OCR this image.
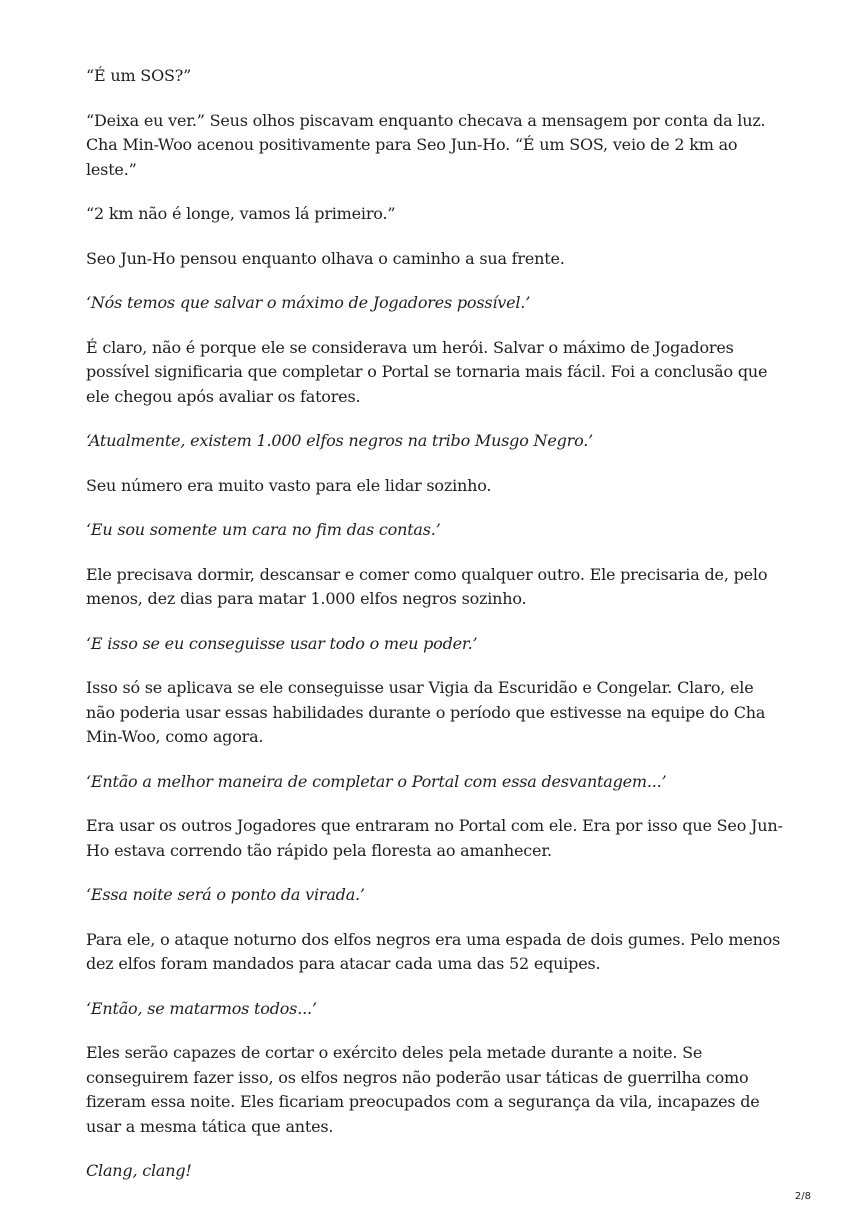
“É um SOS?”

“Deixa eu ver.” Seus olhos piscavam enquanto checava a mensagem por conta da luz. Cha Min-Woo acenou positivamente para Seo Jun-Ho. “É um SOS, veio de 2 km ao leste.”

“2 km não é longe, vamos lá primeiro.”

Seo Jun-Ho pensou enquanto olhava o caminho a sua frente.

‘Nós temos que salvar o máximo de Jogadores possível.’

É claro, não é porque ele se considerava um herói. Salvar o máximo de Jogadores possível significaria que completar o Portal se tornaria mais fácil. Foi a conclusão que ele chegou após avaliar os fatores.

‘Atualmente, existem 1.000 elfos negros na tribo Musgo Negro.’

Seu número era muito vasto para ele lidar sozinho.

‘Eu sou somente um cara no fim das contas.’

Ele precisava dormir, descansar e comer como qualquer outro. Ele precisaria de, pelo menos, dez dias para matar 1.000 elfos negros sozinho.

‘E isso se eu conseguisse usar todo o meu poder.’

Isso só se aplicava se ele conseguisse usar Vigia da Escuridão e Congelar. Claro, ele não poderia usar essas habilidades durante o período que estivesse na equipe do Cha Min-Woo, como agora.

‘Então a melhor maneira de completar o Portal com essa desvantagem...’

Era usar os outros Jogadores que entraram no Portal com ele. Era por isso que Seo Jun-Ho estava correndo tão rápido pela floresta ao amanhecer.

‘Essa noite será o ponto da virada.’

Para ele, o ataque noturno dos elfos negros era uma espada de dois gumes. Pelo menos dez elfos foram mandados para atacar cada uma das 52 equipes.

‘Então, se matarmos todos...’

Eles serão capazes de cortar o exército deles pela metade durante a noite. Se conseguirem fazer isso, os elfos negros não poderão usar táticas de guerrilha como fizeram essa noite. Eles ficariam preocupados com a segurança da vila, incapazes de usar a mesma tática que antes.

Clang, clang!

2/8
